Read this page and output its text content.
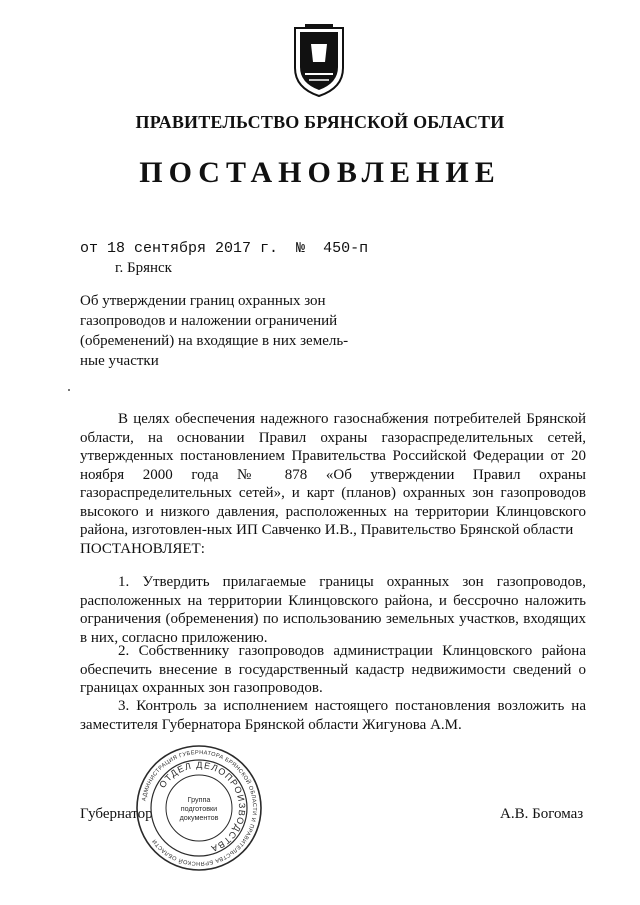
ПРАВИТЕЛЬСТВО БРЯНСКОЙ ОБЛАСТИ
ПОСТАНОВЛЕНИЕ
от 18 сентября 2017 г. № 450-п
г. Брянск
Об утверждении границ охранных зон
газопроводов и наложении ограничений
(обременений) на входящие в них земель-
ные участки

В целях обеспечения надежного газоснабжения потребителей Брянской области, на основании Правил охраны газораспределительных сетей, утвержденных постановлением Правительства Российской Федерации от 20 ноября 2000 года № 878 «Об утверждении Правил охраны газораспределительных сетей», и карт (планов) охранных зон газопроводов высокого и низкого давления, расположенных на территории Клинцовского района, изготовлен-ных ИП Савченко И.В., Правительство Брянской области

ПОСТАНОВЛЯЕТ:

1. Утвердить прилагаемые границы охранных зон газопроводов, расположенных на территории Клинцовского района, и бессрочно наложить ограничения (обременения) по использованию земельных участков, входящих в них, согласно приложению.

2. Собственнику газопроводов администрации Клинцовского района обеспечить внесение в государственный кадастр недвижимости сведений о границах охранных зон газопроводов.

3. Контроль за исполнением настоящего постановления возложить на заместителя Губернатора Брянской области Жигунова А.М.

Губернатор	А.В. Богомаз
АДМИНИСТРАЦИЯ ГУБЕРНАТОРА БРЯНСКОЙ ОБЛАСТИ И ПРАВИТЕЛЬСТВА БРЯНСКОЙ ОБЛАСТИ
ОТДЕЛ ДЕЛОПРОИЗВОДСТВА
Группа
подготовки
документов
